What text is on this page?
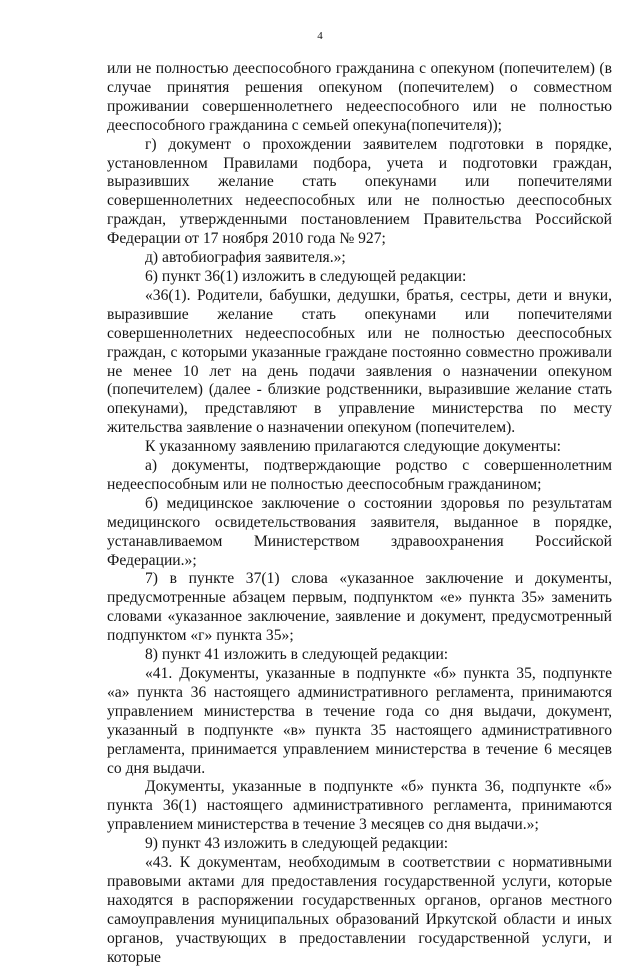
4

или не полностью дееспособного гражданина с опекуном (попечителем) (в случае принятия решения опекуном (попечителем) о совместном проживании совершеннолетнего недееспособного или не полностью дееспособного гражданина с семьей опекуна(попечителя));

г) документ о прохождении заявителем подготовки в порядке, установленном Правилами подбора, учета и подготовки граждан, выразивших желание стать опекунами или попечителями совершеннолетних недееспособных или не полностью дееспособных граждан, утвержденными постановлением Правительства Российской Федерации от 17 ноября 2010 года № 927;

д) автобиография заявителя.»;

6) пункт 36(1) изложить в следующей редакции:

«36(1). Родители, бабушки, дедушки, братья, сестры, дети и внуки, выразившие желание стать опекунами или попечителями совершеннолетних недееспособных или не полностью дееспособных граждан, с которыми указанные граждане постоянно совместно проживали не менее 10 лет на день подачи заявления о назначении опекуном (попечителем) (далее - близкие родственники, выразившие желание стать опекунами), представляют в управление министерства по месту жительства заявление о назначении опекуном (попечителем).

К указанному заявлению прилагаются следующие документы:

а) документы, подтверждающие родство с совершеннолетним недееспособным или не полностью дееспособным гражданином;

б) медицинское заключение о состоянии здоровья по результатам медицинского освидетельствования заявителя, выданное в порядке, устанавливаемом Министерством здравоохранения Российской Федерации.»;

7) в пункте 37(1) слова «указанное заключение и документы, предусмотренные абзацем первым, подпунктом «е» пункта 35» заменить словами «указанное заключение, заявление и документ, предусмотренный подпунктом «г» пункта 35»;

8) пункт 41 изложить в следующей редакции:

«41. Документы, указанные в подпункте «б» пункта 35, подпункте «а» пункта 36 настоящего административного регламента, принимаются управлением министерства в течение года со дня выдачи, документ, указанный в подпункте «в» пункта 35 настоящего административного регламента, принимается управлением министерства в течение 6 месяцев со дня выдачи.

Документы, указанные в подпункте «б» пункта 36, подпункте «б» пункта 36(1) настоящего административного регламента, принимаются управлением министерства в течение 3 месяцев со дня выдачи.»;

9) пункт 43 изложить в следующей редакции:

«43. К документам, необходимым в соответствии с нормативными правовыми актами для предоставления государственной услуги, которые находятся в распоряжении государственных органов, органов местного самоуправления муниципальных образований Иркутской области и иных органов, участвующих в предоставлении государственной услуги, и которые
